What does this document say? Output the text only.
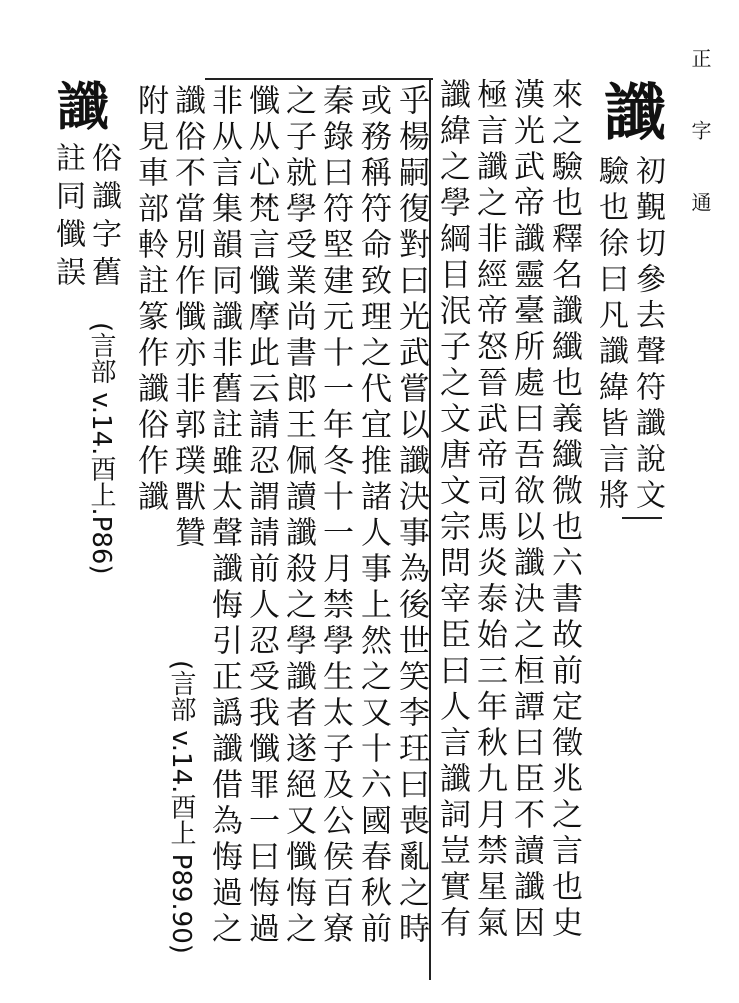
正 字 通
讖
初覲切參去聲符讖說文
驗也徐曰凡讖緯皆言將
來之驗也釋名讖纖也義纖微也六書故前定徵兆之言也史
漢光武帝讖靈臺所處曰吾欲以讖決之桓譚曰臣不讀讖因
極言讖之非經帝怒晉武帝司馬炎泰始三年秋九月禁星氣
讖緯之學綱目泯子之文唐文宗問宰臣曰人言讖詞豈實有
乎楊嗣復對曰光武嘗以讖決事為後世笑李玨曰喪亂之時
或務稱符命致理之代宜推諸人事上然之又十六國春秋前
秦錄曰符堅建元十一年冬十一月禁學生太子及公侯百寮
之子就學受業尚書郎王佩讀讖殺之學讖者遂絕又懺悔之
懺从心梵言懺摩此云請忍謂請前人忍受我懺罪一曰悔過
非从言集韻同讖非舊註雖太聲讖悔引正譌讖借為悔過之
讖俗不當別作懺亦非郭璞獸贊
附見車部軨註篆作讖俗作讖
(言部 v.14.酉上 P89.90)
讖
俗讖字舊
註同懺誤
(言部 v.14.酉上.P86)
